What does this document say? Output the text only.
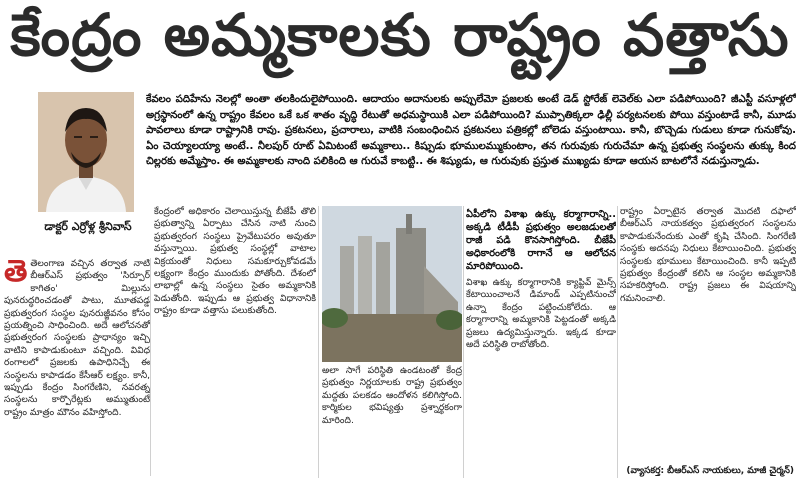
కేంద్రం అమ్మకాలకు రాష్ట్రం వత్తాసు
డాక్టర్ ఎర్రోళ్ల శ్రీనివాస్
కేవలం పదిహేను నెలల్లో అంతా తలకిందులైపోయింది. ఆదాయం అదానులకు అప్పులేమో ప్రజలకు అంటే డెడ్ స్టోరేజ్ లెవెల్‌కు ఎలా పడిపోయింది? జీఎస్టీ వసూళ్లలో అగ్రస్థానంలో ఉన్న రాష్ట్రం కేవలం ఒకే ఒక శాతం వృద్ధి రేటుతో అధమస్థాయికి ఎలా పడిపోయింది? ముప్పాతిక్కలా ఢిల్లీ పర్యటనలకు పోయి వస్తుంటాడే కానీ, మూడు పావలాలు కూడా రాష్ట్రానికి రావు. ప్రకటనలు, ప్రచారాలు, వాటికి సంబంధించిన ప్రకటనలు పత్రికల్లో బోలెడు వస్తుంటాయి. కానీ, బొచ్చెడు గుడులు కూడా గునుకోవు. ఏం చెయ్యాలయ్యా అంటే.. నీలపుర్ రూట్ ఏమిటంటే అమ్మకాలు.. కిష్పుడు భూములమ్ముకుంటాం, తన గురువుకు గురుచేమా ఉన్న ప్రభుత్వ సంస్థలను తుక్కు కింద చిల్లరకు అమ్మేస్తాం. ఈ అమ్మకాలకు నాంది పలికింది ఆ గురువే కాబట్టి.. ఈ శిష్యుడు, ఆ గురువుకు ప్రస్తుత ముఖ్యడు కూడా ఆయన బాటలోనే నడుస్తున్నాడు.
తె తెలంగాణ వచ్చిన తర్వాత నాటి బీఆర్‌ఎస్ ప్రభుత్వం 'సిర్పూర్ కాగితం' మిల్లును పునరుద్ధరించడంతో పాటు, మూతపడ్డ ప్రభుత్వరంగ సంస్థల పునరుజ్జీవనం కోసం ప్రయత్నించి సాధించింది. అదే ఆలోచనతో ప్రభుత్వరంగ సంస్థలకు ప్రాధాన్యం ఇచ్చి వాటిని కాపాడుకుంటూ వచ్చింది. వివిధ రంగాలలో ప్రజలకు ఉపాధినిచ్చే ఈ సంస్థలను కాపాడడం కేసీఆర్ లక్ష్యం. కానీ, ఇప్పుడు కేంద్రం సింగరేణిని, నవరత్న సంస్థలను కార్పొరేట్లకు అమ్ముతుంటే రాష్ట్రం మాత్రం మౌనం వహిస్తోంది.
కేంద్రంలో అధికారం చెలాయిస్తున్న బీజేపీ తొలి ప్రభుత్వాన్ని ఏర్పాటు చేసిన నాటి నుంచి ప్రభుత్వరంగ సంస్థలు ప్రైవేటుపరం అవుతూ వస్తున్నాయి. ప్రభుత్వ సంస్థల్లో వాటాల విక్రయంతో నిధులు సమకూర్చుకోవడమే లక్ష్యంగా కేంద్రం ముందుకు పోతోంది. దేశంలో లాభాల్లో ఉన్న సంస్థలు సైతం అమ్మకానికి పెడుతోంది. ఇప్పుడు ఆ ప్రభుత్వ విధానానికి రాష్ట్రం కూడా వత్తాసు పలుకుతోంది.
అలా సాగే పరిస్థితి ఉండటంతో కేంద్ర ప్రభుత్వం నిర్ణయాలకు రాష్ట్ర ప్రభుత్వం మద్దతు పలకడం ఆందోళన కలిగిస్తోంది. కార్మికుల భవిష్యత్తు ప్రశ్నార్థకంగా మారింది.
ఏపీలోని విశాఖ ఉక్కు కర్మాగారాన్ని.. అక్కడి టీడీపీ ప్రభుత్వం అలజడులతో రాజీ పడి కొనసాగిస్తోంది. బీజేపీ అధికారంలోకి రాగానే ఆ ఆలోచన మారిపోయింది.
విశాఖ ఉక్కు కర్మాగారానికి క్యాప్టివ్ మైన్స్ కేటాయించాలనే డిమాండ్ ఎప్పటినుంచో ఉన్నా కేంద్రం పట్టించుకోలేదు. ఆ కర్మాగారాన్ని అమ్మకానికి పెట్టడంతో అక్కడి ప్రజలు ఉద్యమిస్తున్నారు. ఇక్కడ కూడా అదే పరిస్థితి రాబోతోంది.
రాష్ట్రం ఏర్పాటైన తర్వాత మొదటి దఫాలో బీఆర్‌ఎస్ నాయకత్వం ప్రభుత్వరంగ సంస్థలను కాపాడుకునేందుకు ఎంతో కృషి చేసింది. సింగరేణి సంస్థకు అదనపు నిధులు కేటాయించింది. ప్రభుత్వ సంస్థలకు భూములు కేటాయించింది. కానీ ఇప్పటి ప్రభుత్వం కేంద్రంతో కలిసి ఆ సంస్థల అమ్మకానికి సహకరిస్తోంది. రాష్ట్ర ప్రజలు ఈ విషయాన్ని గమనించాలి.
(వ్యాసకర్త: బీఆర్‌ఎస్ నాయకులు, మాజీ చైర్మన్)
